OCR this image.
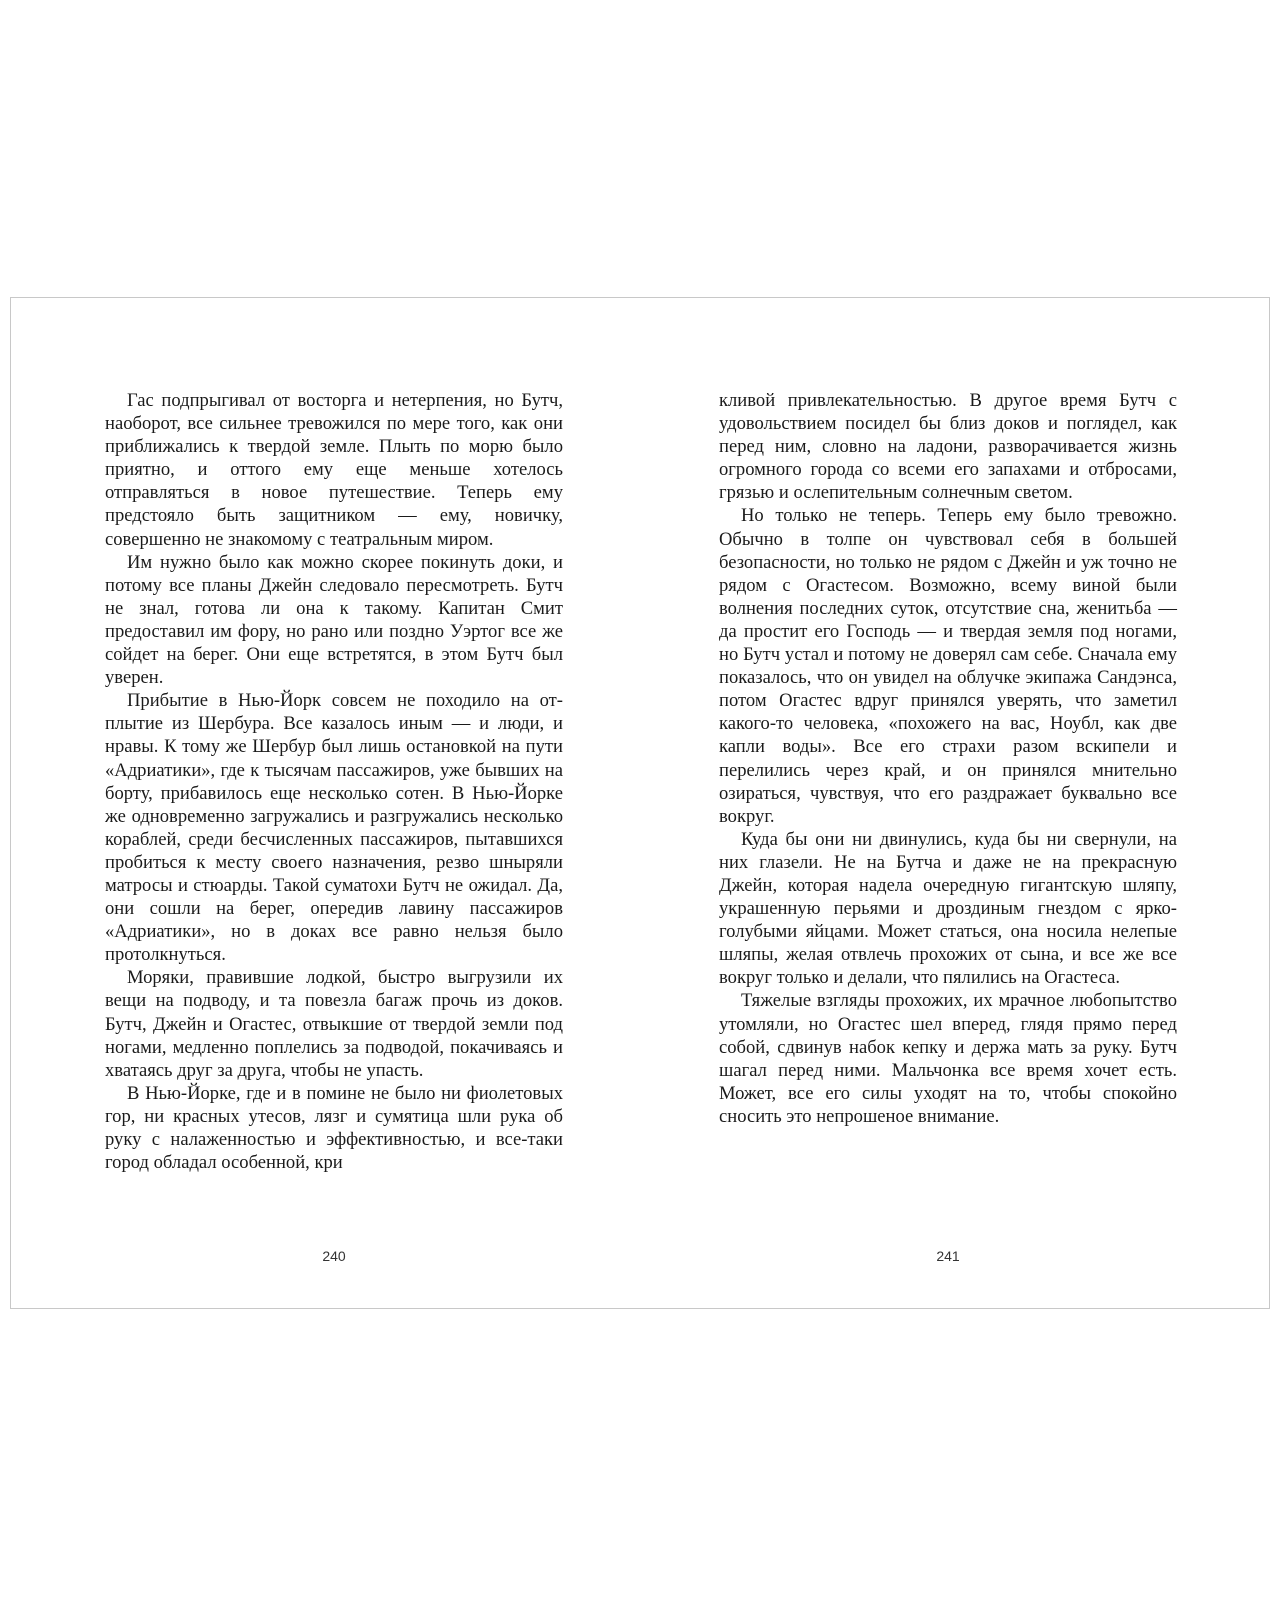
Гас подпрыгивал от восторга и нетерпения, но Бутч, наоборот, все сильнее тревожился по мере того, как они приближались к твердой земле. Плыть по морю было приятно, и оттого ему еще меньше хотелось отправляться в новое путешествие. Теперь ему предстояло быть защитником — ему, новичку, совершенно не знакомому с театральным миром.

Им нужно было как можно скорее покинуть доки, и потому все планы Джейн следовало пересмотреть. Бутч не знал, готова ли она к такому. Капитан Смит предоставил им фору, но рано или поздно Уэртог все же сойдет на берег. Они еще встретятся, в этом Бутч был уверен.

Прибытие в Нью-Йорк совсем не походило на отплытие из Шербура. Все казалось иным — и люди, и нравы. К тому же Шербур был лишь остановкой на пути «Адриатики», где к тысячам пассажиров, уже бывших на борту, прибавилось еще несколько сотен. В Нью-Йорке же одновременно загружались и разгружались несколько кораблей, среди бесчисленных пассажиров, пытавшихся пробиться к месту своего назначения, резво шныряли матросы и стюарды. Такой суматохи Бутч не ожидал. Да, они сошли на берег, опередив лавину пассажиров «Адриатики», но в доках все равно нельзя было протолкнуться.

Моряки, правившие лодкой, быстро выгрузили их вещи на подводу, и та повезла багаж прочь из доков. Бутч, Джейн и Огастес, отвыкшие от твердой земли под ногами, медленно поплелись за подводой, покачиваясь и хватаясь друг за друга, чтобы не упасть.

В Нью-Йорке, где и в помине не было ни фиолетовых гор, ни красных утесов, лязг и сумятица шли рука об руку с налаженностью и эффективностью, и все-таки город обладал особенной, кри

кливой привлекательностью. В другое время Бутч с удовольствием посидел бы близ доков и поглядел, как перед ним, словно на ладони, разворачивается жизнь огромного города со всеми его запахами и отбросами, грязью и ослепительным солнечным светом.

Но только не теперь. Теперь ему было тревожно. Обычно в толпе он чувствовал себя в большей безопасности, но только не рядом с Джейн и уж точно не рядом с Огастесом. Возможно, всему виной были волнения последних суток, отсутствие сна, женитьба — да простит его Господь — и твердая земля под ногами, но Бутч устал и потому не доверял сам себе. Сначала ему показалось, что он увидел на облучке экипажа Сандэнса, потом Огастес вдруг принялся уверять, что заметил какого-то человека, «похожего на вас, Ноубл, как две капли воды». Все его страхи разом вскипели и перелились через край, и он принялся мнительно озираться, чувствуя, что его раздражает буквально все вокруг.

Куда бы они ни двинулись, куда бы ни свернули, на них глазели. Не на Бутча и даже не на прекрасную Джейн, которая надела очередную гигантскую шляпу, украшенную перьями и дроздиным гнездом с ярко-голубыми яйцами. Может статься, она носила нелепые шляпы, желая отвлечь прохожих от сына, и все же все вокруг только и делали, что пялились на Огастеса.

Тяжелые взгляды прохожих, их мрачное любопытство утомляли, но Огастес шел вперед, глядя прямо перед собой, сдвинув набок кепку и держа мать за руку. Бутч шагал перед ними. Мальчонка все время хочет есть. Может, все его силы уходят на то, чтобы спокойно сносить это непрошеное внимание.

240	241
